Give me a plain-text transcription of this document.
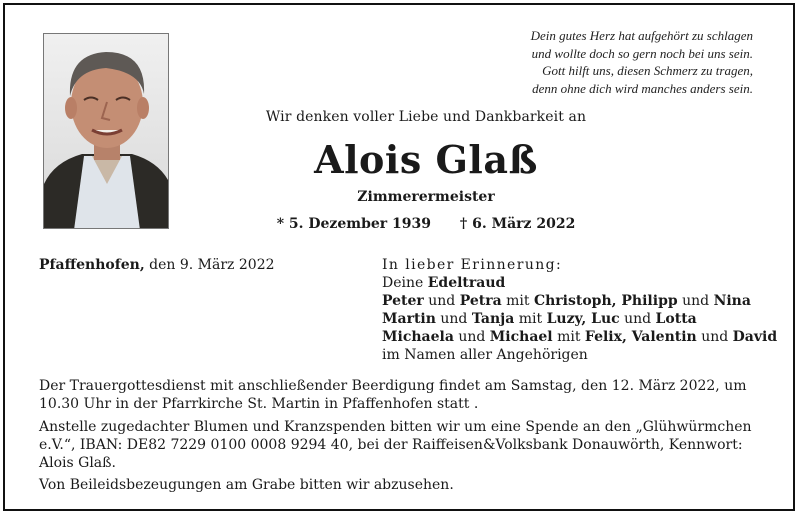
Dein gutes Herz hat aufgehört zu schlagen
und wollte doch so gern noch bei uns sein.
Gott hilft uns, diesen Schmerz zu tragen,
denn ohne dich wird manches anders sein.
Wir denken voller Liebe und Dankbarkeit an
Alois Glaß
Zimmerermeister
* 5. Dezember 1939 † 6. März 2022
Pfaffenhofen, den 9. März 2022	In lieber Erinnerung:
Deine Edeltraud
Peter und Petra mit Christoph, Philipp und Nina
Martin und Tanja mit Luzy, Luc und Lotta
Michaela und Michael mit Felix, Valentin und David
im Namen aller Angehörigen

Der Trauergottesdienst mit anschließender Beerdigung findet am Samstag, den 12. März 2022, um 10.30 Uhr in der Pfarrkirche St. Martin in Pfaffenhofen statt .

Anstelle zugedachter Blumen und Kranzspenden bitten wir um eine Spende an den „Glühwürmchen e.V.“, IBAN: DE82 7229 0100 0008 9294 40, bei der Raiffeisen&Volksbank Donauwörth, Kennwort: Alois Glaß.

Von Beileidsbezeugungen am Grabe bitten wir abzusehen.
